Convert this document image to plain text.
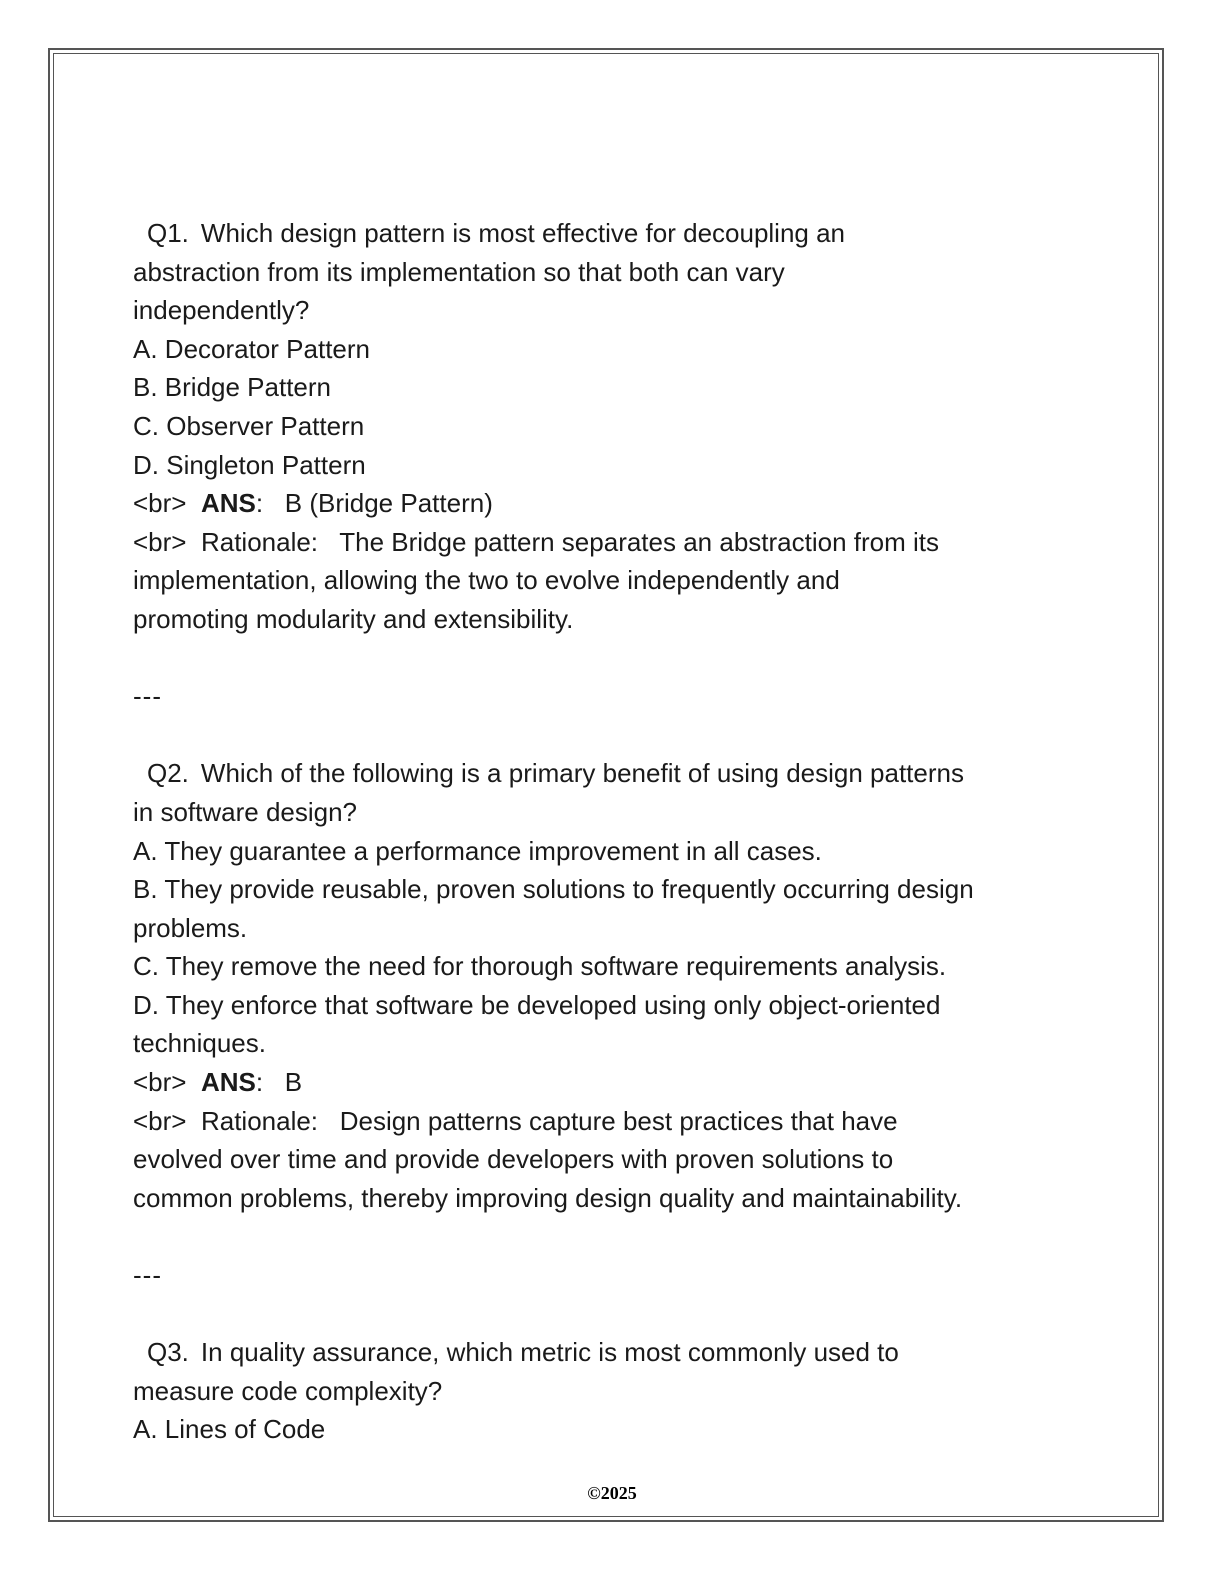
Q1. Which design pattern is most effective for decoupling an
abstraction from its implementation so that both can vary
independently?
A. Decorator Pattern
B. Bridge Pattern
C. Observer Pattern
D. Singleton Pattern
<br> ANS:   B (Bridge Pattern)
<br> Rationale: The Bridge pattern separates an abstraction from its
implementation, allowing the two to evolve independently and
promoting modularity and extensibility.
---
Q2. Which of the following is a primary benefit of using design patterns
in software design?
A. They guarantee a performance improvement in all cases.
B. They provide reusable, proven solutions to frequently occurring design
problems.
C. They remove the need for thorough software requirements analysis.
D. They enforce that software be developed using only object-oriented
techniques.
<br> ANS:   B
<br> Rationale: Design patterns capture best practices that have
evolved over time and provide developers with proven solutions to
common problems, thereby improving design quality and maintainability.
---
Q3. In quality assurance, which metric is most commonly used to
measure code complexity?
A. Lines of Code
©2025
